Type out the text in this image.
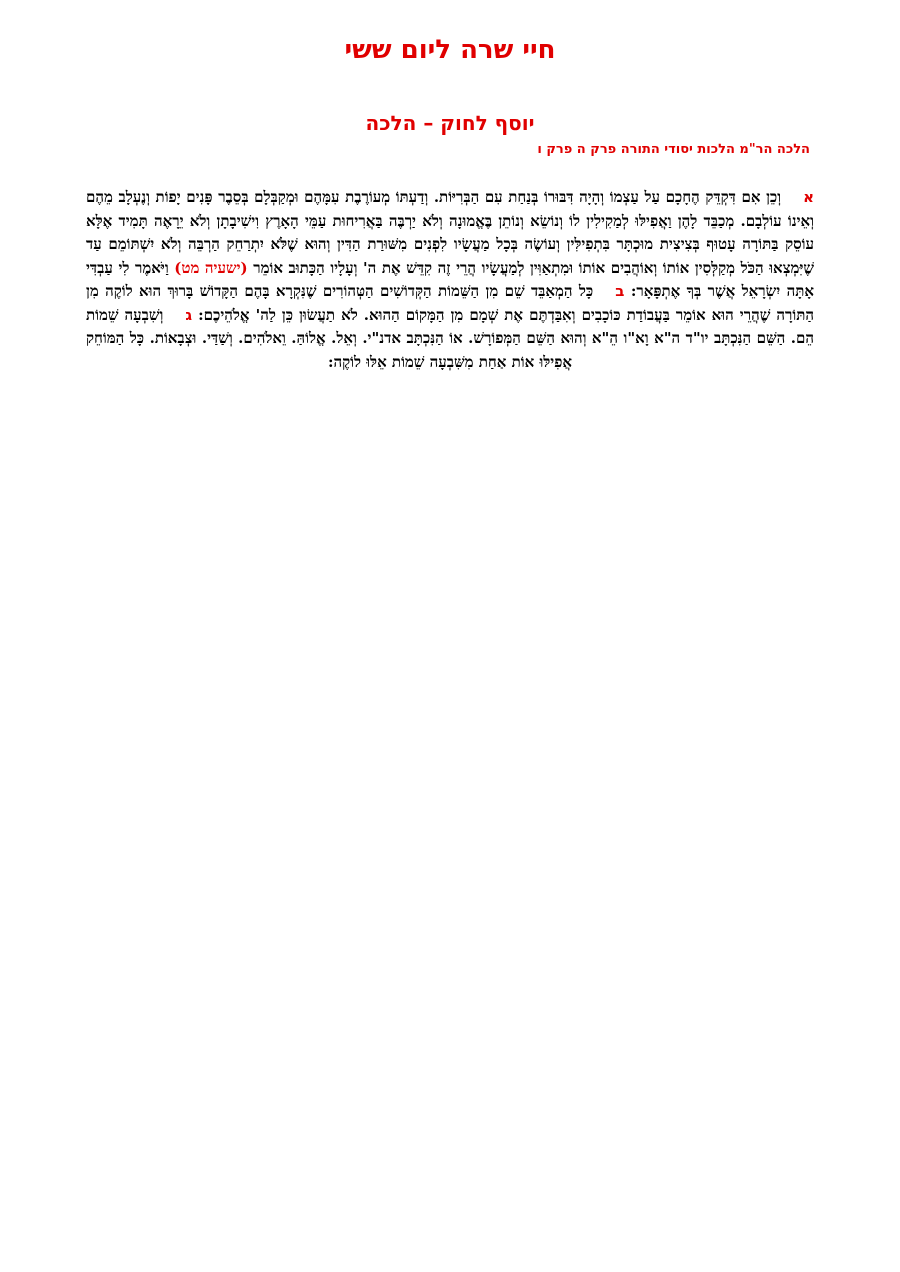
חיי שרה ליום ששי
יוסף לחוק – הלכה
הלכה הר"מ הלכות יסודי התורה פרק ה פרק ו
אוְכֵן אִם דִּקְדֵּק הֶחָכָם עַל עַצְמוֹ וְהָיָה דִּבּוּרוֹ בְּנַחַת עִם הַבְּרִיּוֹת. וְדַעְתּוֹ מְעוֹרֶבֶת עִמָּהֶם וּמְקַבְּלָם בְּסֵבֶר פָּנִים יָפוֹת וְנֶעְלָב מֵהֶם וְאֵינוֹ עוֹלְבָם. מְכַבֵּד לָהֶן וַאֲפִילּוּ לְמַקִילִין לוֹ וְנוֹשֵׂא וְנוֹתֵן בֶּאֱמוּנָה וְלֹא יַרְבֶּה בַּאֲרִיחוּת עַמֵּי הָאָרֶץ וִישִׁיבָתָן וְלֹא יֵרָאֶה תָּמִיד אֶלָּא עוֹסֵק בַּתּוֹרָה עָטוּף בְּצִיצִית מוּכְתָּר בִּתְפִילִּין וְעוֹשֶׂה בְּכָל מַעֲשָׂיו לִפְנִים מִשּׁוּרַת הַדִּין וְהוּא שֶׁלֹּא יִתְרַחֵק הַרְבֵּה וְלֹא יִשְׁתּוֹמֵם עַד שֶׁיִּמְצְאוּ הַכֹּל מְקַלְּסִין אוֹתוֹ וְאוֹהֲבִים אוֹתוֹ וּמִתְאַוִּין לְמַעֲשָׂיו הֲרֵי זֶה קִדֵּשׁ אֶת ה' וְעָלָיו הַכָּתוּב אוֹמֵר (ישעיה מט) וַיֹּאמֶר לִי עַבְדִּי אָתָּה יִשְׂרָאֵל אֲשֶׁר בְּךָ אֶתְפָּאָר: בכָּל הַמְאַבֵּד שֵׁם מִן הַשֵּׁמוֹת הַקְּדוֹשִׁים הַטְּהוֹרִים שֶׁנִּקְרָא בָּהֶם הַקָּדוֹשׁ בָּרוּךְ הוּא לוֹקֶה מִן הַתּוֹרָה שֶׁהֲרֵי הוּא אוֹמֵר בַּעֲבוֹדַת כּוֹכָבִים וְאִבַּדְתֶּם אֶת שְׁמָם מִן הַמָּקוֹם הַהוּא. לֹא תַעֲשׂוּן כֵּן לַה' אֱלֹהֵיכֶם: גוְשִׁבְעָה שֵׁמוֹת הֵם. הַשֵּׁם הַנִּכְתָּב יו"ד ה"א וָא"ו הֵ"א וְהוּא הַשֵּׁם הַמְּפוֹרָשׁ. אוֹ הַנִּכְתָּב אדנ"י. וְאֵל. אֱלוֹהַּ. וֵאלֹהִים. וְשַׁדַּי. וּצְבָאוֹת. כָּל הַמּוֹחֵק אֲפִילּוּ אוֹת אַחַת מִשִּׁבְעָה שֵׁמוֹת אֵלּוּ לוֹקֶה:
